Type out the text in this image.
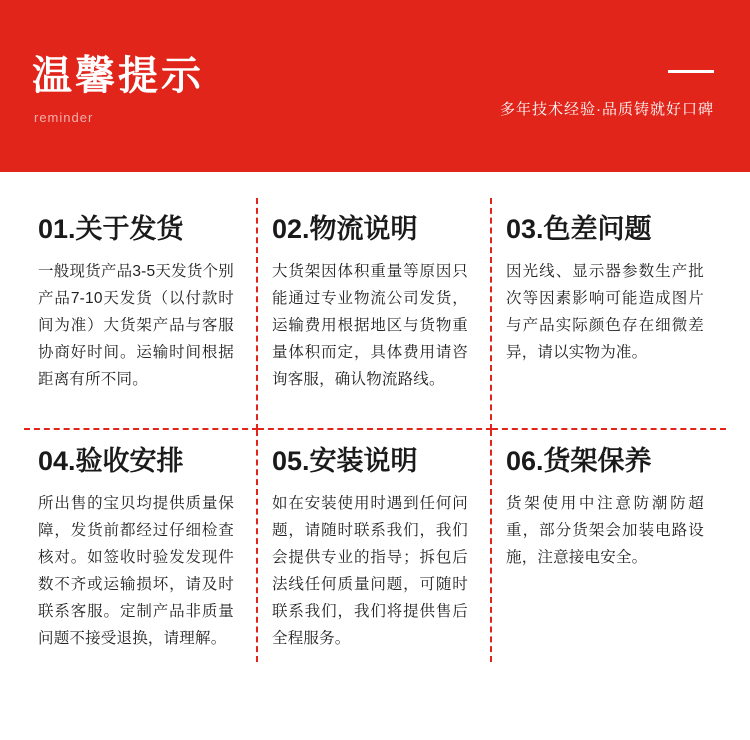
温馨提示
reminder	多年技术经验·品质铸就好口碑
01.关于发货
一般现货产品3-5天发货个别产品7-10天发货（以付款时间为准）大货架产品与客服协商好时间。运输时间根据距离有所不同。
02.物流说明
大货架因体积重量等原因只能通过专业物流公司发货，运输费用根据地区与货物重量体积而定，具体费用请咨询客服，确认物流路线。
03.色差问题
因光线、显示器参数生产批次等因素影响可能造成图片与产品实际颜色存在细微差异，请以实物为准。
04.验收安排
所出售的宝贝均提供质量保障，发货前都经过仔细检查核对。如签收时验发发现件数不齐或运输损坏，请及时联系客服。定制产品非质量问题不接受退换，请理解。
05.安装说明
如在安装使用时遇到任何问题，请随时联系我们，我们会提供专业的指导；拆包后法线任何质量问题，可随时联系我们，我们将提供售后全程服务。
06.货架保养
货架使用中注意防潮防超重，部分货架会加装电路设施，注意接电安全。
